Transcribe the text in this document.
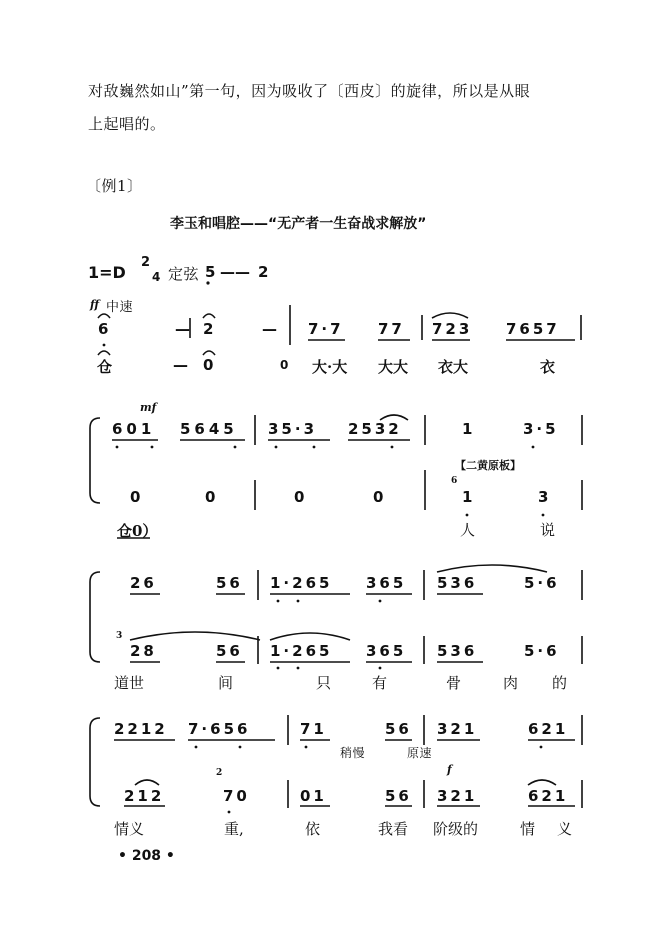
对敌巍然如山”第一句，因为吸收了〔西皮〕的旋律，所以是从眼
上起唱的。
〔例1〕
李玉和唱腔——“无产者一生奋战求解放”
1=D
2
4 定弦 5 —— 2
ff 中速
6	— 2	— 7·7 77 723 7657
仓	— 0	0 大·大 大大 衣大	衣
mf
601 5645 35·3 2532	1	3·5
【二黄原板】
0	0	0	0
6
1	3
仓0）	人	说
26	56 1·265 365 536	5·6
3
28	56 1·265 365 536	5·6
道世	间	只	有	骨	肉 的
2212 7·656	71	56 321	621
稍慢	原速
f
212
2
70	01	56 321	621
情义	重,	依	我看 阶级的	情 义
• 208 •
